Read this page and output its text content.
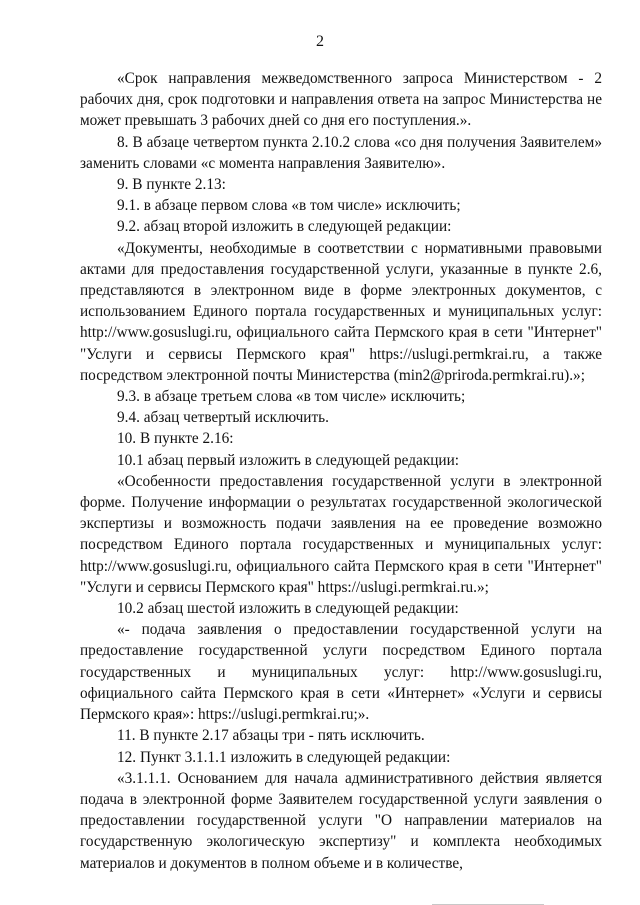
2

«Срок направления межведомственного запроса Министерством - 2 рабочих дня, срок подготовки и направления ответа на запрос Министерства не может превышать 3 рабочих дней со дня его поступления.».

8. В абзаце четвертом пункта 2.10.2 слова «со дня получения Заявителем» заменить словами «с момента направления Заявителю».

9. В пункте 2.13:

9.1. в абзаце первом слова «в том числе» исключить;

9.2. абзац второй изложить в следующей редакции:

«Документы, необходимые в соответствии с нормативными правовыми актами для предоставления государственной услуги, указанные в пункте 2.6, представляются в электронном виде в форме электронных документов, с использованием Единого портала государственных и муниципальных услуг: http://www.gosuslugi.ru, официального сайта Пермского края в сети "Интернет" "Услуги и сервисы Пермского края" https://uslugi.permkrai.ru, а также посредством электронной почты Министерства (min2@priroda.permkrai.ru).»;

9.3. в абзаце третьем слова «в том числе» исключить;

9.4. абзац четвертый исключить.

10. В пункте 2.16:

10.1 абзац первый изложить в следующей редакции:

«Особенности предоставления государственной услуги в электронной форме. Получение информации о результатах государственной экологической экспертизы и возможность подачи заявления на ее проведение возможно посредством Единого портала государственных и муниципальных услуг: http://www.gosuslugi.ru, официального сайта Пермского края в сети "Интернет" "Услуги и сервисы Пермского края" https://uslugi.permkrai.ru.»;

10.2 абзац шестой изложить в следующей редакции:

«- подача заявления о предоставлении государственной услуги на предоставление государственной услуги посредством Единого портала государственных и муниципальных услуг: http://www.gosuslugi.ru, официального сайта Пермского края в сети «Интернет» «Услуги и сервисы Пермского края»: https://uslugi.permkrai.ru;».

11. В пункте 2.17 абзацы три - пять исключить.

12. Пункт 3.1.1.1 изложить в следующей редакции:

«3.1.1.1. Основанием для начала административного действия является подача в электронной форме Заявителем государственной услуги заявления о предоставлении государственной услуги "О направлении материалов на государственную экологическую экспертизу" и комплекта необходимых материалов и документов в полном объеме и в количестве,
